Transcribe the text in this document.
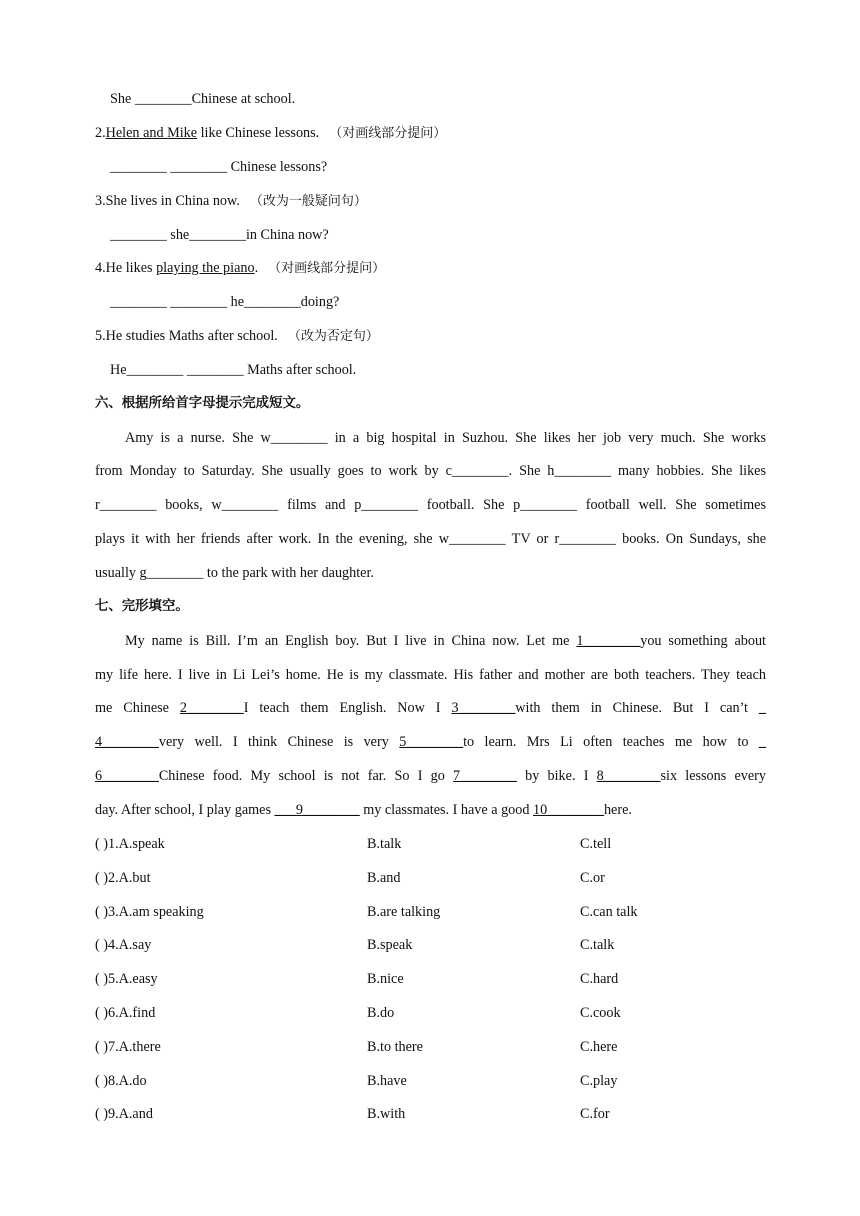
She ________Chinese at school.
2.Helen and Mike like Chinese lessons. （对画线部分提问）
________ ________ Chinese lessons?
3.She lives in China now. （改为一般疑问句）
________ she________in China now?
4.He likes playing the piano. （对画线部分提问）
________ ________ he________doing?
5.He studies Maths after school. （改为否定句）
He________ ________ Maths after school.
六、根据所给首字母提示完成短文。
Amy is a nurse. She w________ in a big hospital in Suzhou. She likes her job very much. She works
from Monday to Saturday. She usually goes to work by c________. She h________ many hobbies. She likes
r________ books, w________ films and p________ football. She p________ football well. She sometimes
plays it with her friends after work. In the evening, she w________ TV or r________ books. On Sundays, she
usually g________ to the park with her daughter.
七、完形填空。
My name is Bill. I’m an English boy. But I live in China now. Let me 1________you something about
my life here. I live in Li Lei’s home. He is my classmate. His father and mother are both teachers. They teach
me Chinese 2________I teach them English. Now I 3________with them in Chinese. But I can’t _
4________very well. I think Chinese is very 5________to learn. Mrs Li often teaches me how to _
6________Chinese food. My school is not far. So I go 7________ by bike. I 8________six lessons every
day. After school, I play games ___9________ my classmates. I have a good 10________here.
( )1.A.speak	B.talk	C.tell
( )2.A.but	B.and	C.or
( )3.A.am speaking	B.are talking	C.can talk
( )4.A.say	B.speak	C.talk
( )5.A.easy	B.nice	C.hard
( )6.A.find	B.do	C.cook
( )7.A.there	B.to there	C.here
( )8.A.do	B.have	C.play
( )9.A.and	B.with	C.for
